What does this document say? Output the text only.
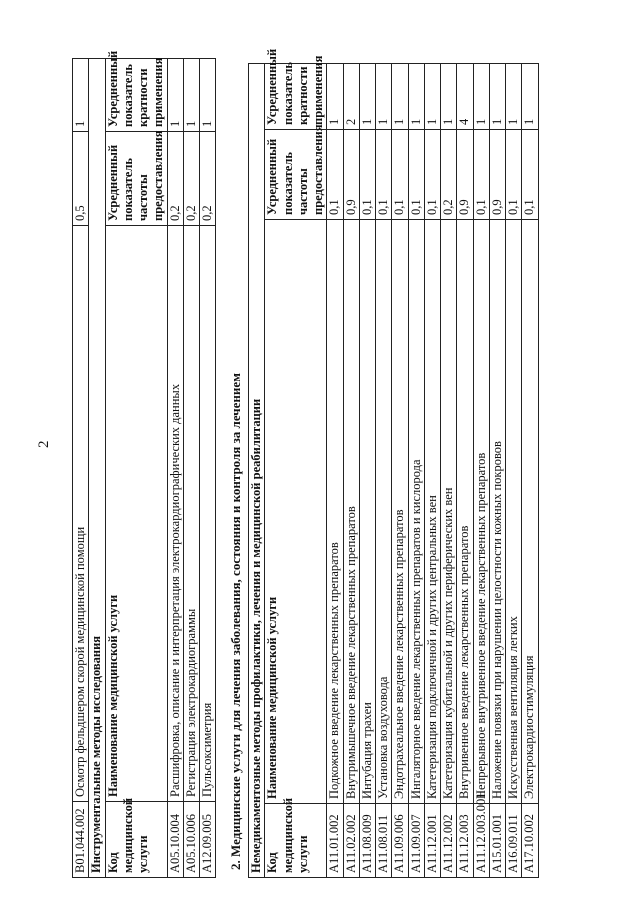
2
B01.044.002	Осмотр фельдшером скорой медицинской помощи	0,5	1
Инструментальные методы исследования			
Код медицинской услуги	Наименование медицинской услуги	Усредненный показатель частоты предоставления	Усредненный показатель кратности применения
A05.10.004	Расшифровка, описание и интерпретация электрокардиографических данных	0,2	1
A05.10.006	Регистрация электрокардиограммы	0,2	1
A12.09.005	Пульсоксиметрия	0,2	1
2. Медицинские услуги для лечения заболевания, состояния и контроля за лечением Немедикаментозные методы профилактики, лечения и медицинской реабилитации			
Код медицинской услуги	Наименование медицинской услуги	Усредненный показатель частоты предоставления	Усредненный показатель кратности применения
A11.01.002	Подкожное введение лекарственных препаратов	0,1	1
A11.02.002	Внутримышечное введение лекарственных препаратов	0,9	2
A11.08.009	Интубация трахеи	0,1	1
A11.08.011	Установка воздуховода	0,1	1
A11.09.006	Эндотрахеальное введение лекарственных препаратов	0,1	1
A11.09.007	Ингаляторное введение лекарственных препаратов и кислорода	0,1	1
A11.12.001	Катетеризация подключичной и других центральных вен	0,1	1
A11.12.002	Катетеризация кубитальной и других периферических вен	0,2	1
A11.12.003	Внутривенное введение лекарственных препаратов	0,9	4
A11.12.003.001	Непрерывное внутривенное введение лекарственных препаратов	0,1	1
A15.01.001	Наложение повязки при нарушении целостности кожных покровов	0,9	1
A16.09.011	Искусственная вентиляция легких	0,1	1
A17.10.002	Электрокардиостимуляция	0,1	1
